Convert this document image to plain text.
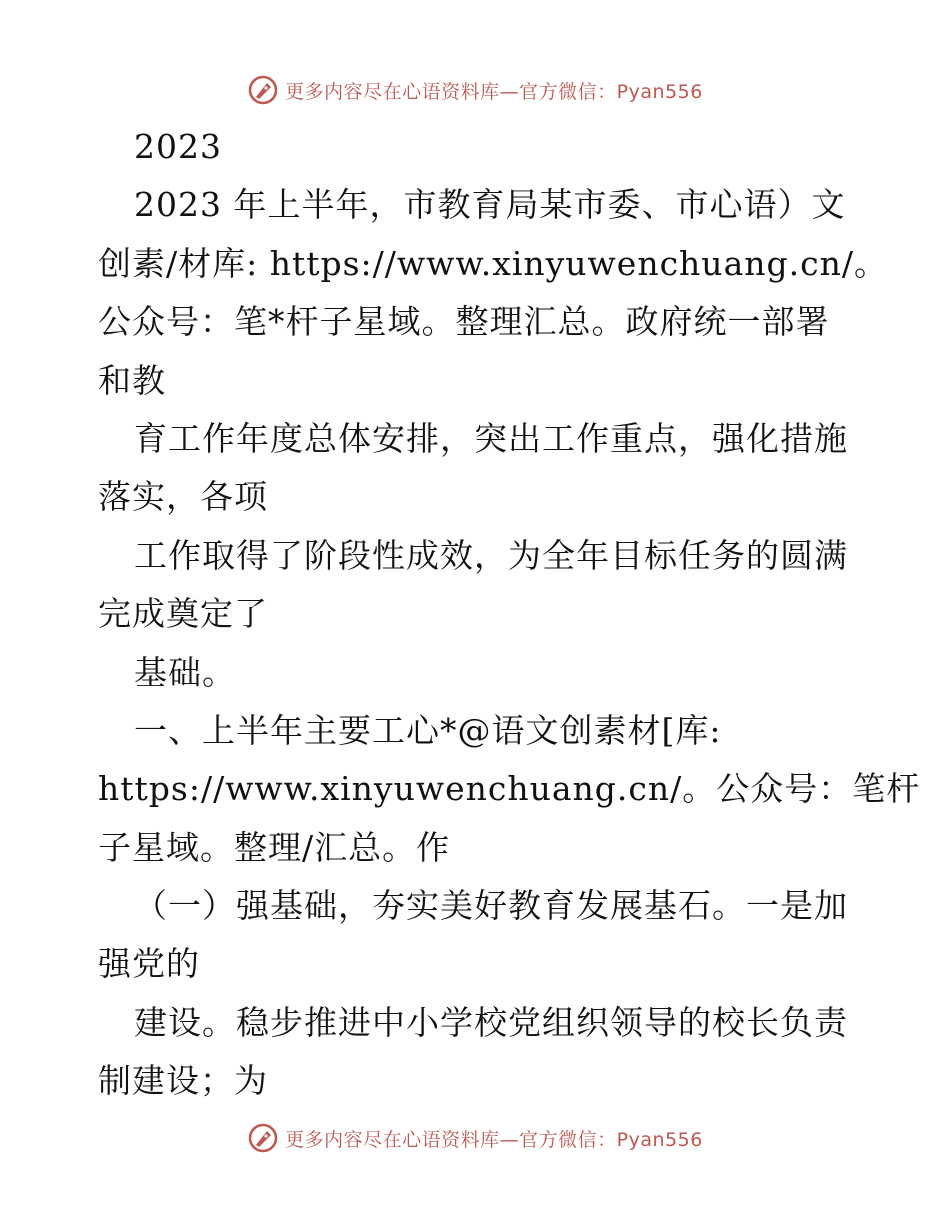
更多内容尽在心语资料库—官方微信：Pyan556
2023
2023 年上半年，市教育局某市委、市心语）文
创素/材库: https://www.xinyuwenchuang.cn/。
公众号：笔*杆子星域。整理汇总。政府统一部署
和教
育工作年度总体安排，突出工作重点，强化措施
落实，各项
工作取得了阶段性成效，为全年目标任务的圆满
完成奠定了
基础。
一、上半年主要工心*@语文创素材[库:
https://www.xinyuwenchuang.cn/。公众号：笔杆
子星域。整理/汇总。作
（一）强基础，夯实美好教育发展基石。一是加
强党的
建设。稳步推进中小学校党组织领导的校长负责
制建设；为
更多内容尽在心语资料库—官方微信：Pyan556
